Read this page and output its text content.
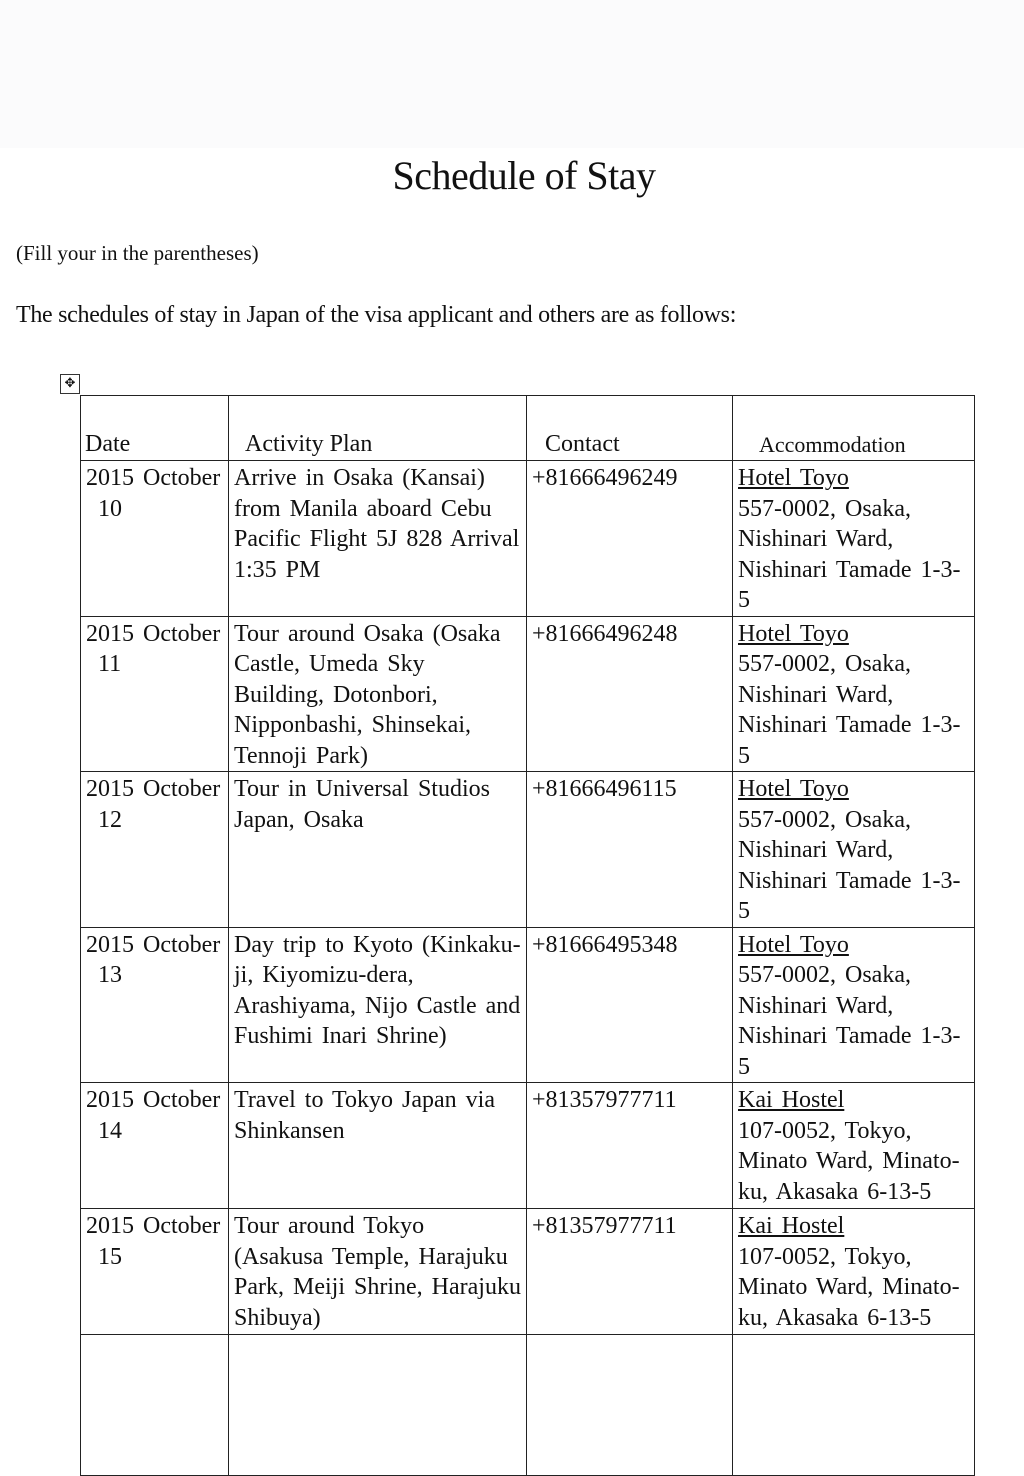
Schedule of Stay
(Fill your in the parentheses)
The schedules of stay in Japan of the visa applicant and others are as follows:
✥
Date	Activity Plan	Contact	Accommodation

2015 October
10	Arrive in Osaka (Kansai) from Manila aboard Cebu Pacific Flight 5J 828 Arrival 1:35 PM	+81666496249	Hotel Toyo
557-0002, Osaka, Nishinari Ward, Nishinari Tamade 1-3-5

2015 October
11	Tour around Osaka (Osaka Castle, Umeda Sky Building, Dotonbori, Nipponbashi, Shinsekai, Tennoji Park)	+81666496248	Hotel Toyo
557-0002, Osaka, Nishinari Ward, Nishinari Tamade 1-3-5

2015 October
12	Tour in Universal Studios Japan, Osaka	+81666496115	Hotel Toyo
557-0002, Osaka, Nishinari Ward, Nishinari Tamade 1-3-5

2015 October
13	Day trip to Kyoto (Kinkaku-ji, Kiyomizu-dera, Arashiyama, Nijo Castle and Fushimi Inari Shrine)	+81666495348	Hotel Toyo
557-0002, Osaka, Nishinari Ward, Nishinari Tamade 1-3-5

2015 October
14	Travel to Tokyo Japan via Shinkansen	+81357977711	Kai Hostel
107-0052, Tokyo, Minato Ward, Minato-ku, Akasaka 6-13-5

2015 October
15	Tour around Tokyo (Asakusa Temple, Harajuku Park, Meiji Shrine, Harajuku Shibuya)	+81357977711	Kai Hostel
107-0052, Tokyo, Minato Ward, Minato-ku, Akasaka 6-13-5
